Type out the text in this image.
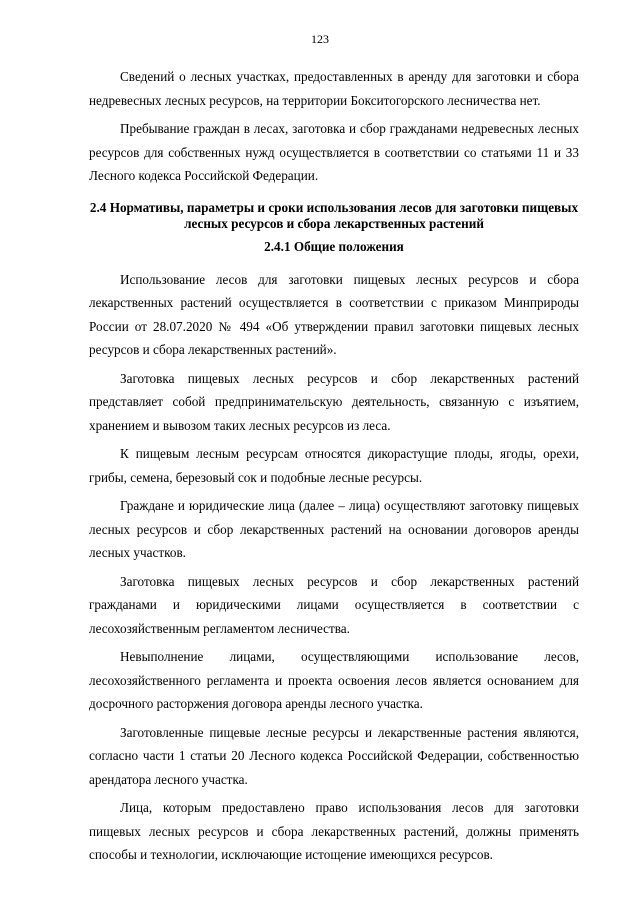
123

Сведений о лесных участках, предоставленных в аренду для заготовки и сбора недревесных лесных ресурсов, на территории Бокситогорского лесничества нет.

Пребывание граждан в лесах, заготовка и сбор гражданами недревесных лесных ресурсов для собственных нужд осуществляется в соответствии со статьями 11 и 33 Лесного кодекса Российской Федерации.

2.4 Нормативы, параметры и сроки использования лесов для заготовки пищевых лесных ресурсов и сбора лекарственных растений
2.4.1 Общие положения

Использование лесов для заготовки пищевых лесных ресурсов и сбора лекарственных растений осуществляется в соответствии с приказом Минприроды России от 28.07.2020 № 494 «Об утверждении правил заготовки пищевых лесных ресурсов и сбора лекарственных растений».

Заготовка пищевых лесных ресурсов и сбор лекарственных растений представляет собой предпринимательскую деятельность, связанную с изъятием, хранением и вывозом таких лесных ресурсов из леса.

К пищевым лесным ресурсам относятся дикорастущие плоды, ягоды, орехи, грибы, семена, березовый сок и подобные лесные ресурсы.

Граждане и юридические лица (далее – лица) осуществляют заготовку пищевых лесных ресурсов и сбор лекарственных растений на основании договоров аренды лесных участков.

Заготовка пищевых лесных ресурсов и сбор лекарственных растений гражданами и юридическими лицами осуществляется в соответствии с лесохозяйственным регламентом лесничества.

Невыполнение лицами, осуществляющими использование лесов, лесохозяйственного регламента и проекта освоения лесов является основанием для досрочного расторжения договора аренды лесного участка.

Заготовленные пищевые лесные ресурсы и лекарственные растения являются, согласно части 1 статьи 20 Лесного кодекса Российской Федерации, собственностью арендатора лесного участка.

Лица, которым предоставлено право использования лесов для заготовки пищевых лесных ресурсов и сбора лекарственных растений, должны применять способы и технологии, исключающие истощение имеющихся ресурсов.
